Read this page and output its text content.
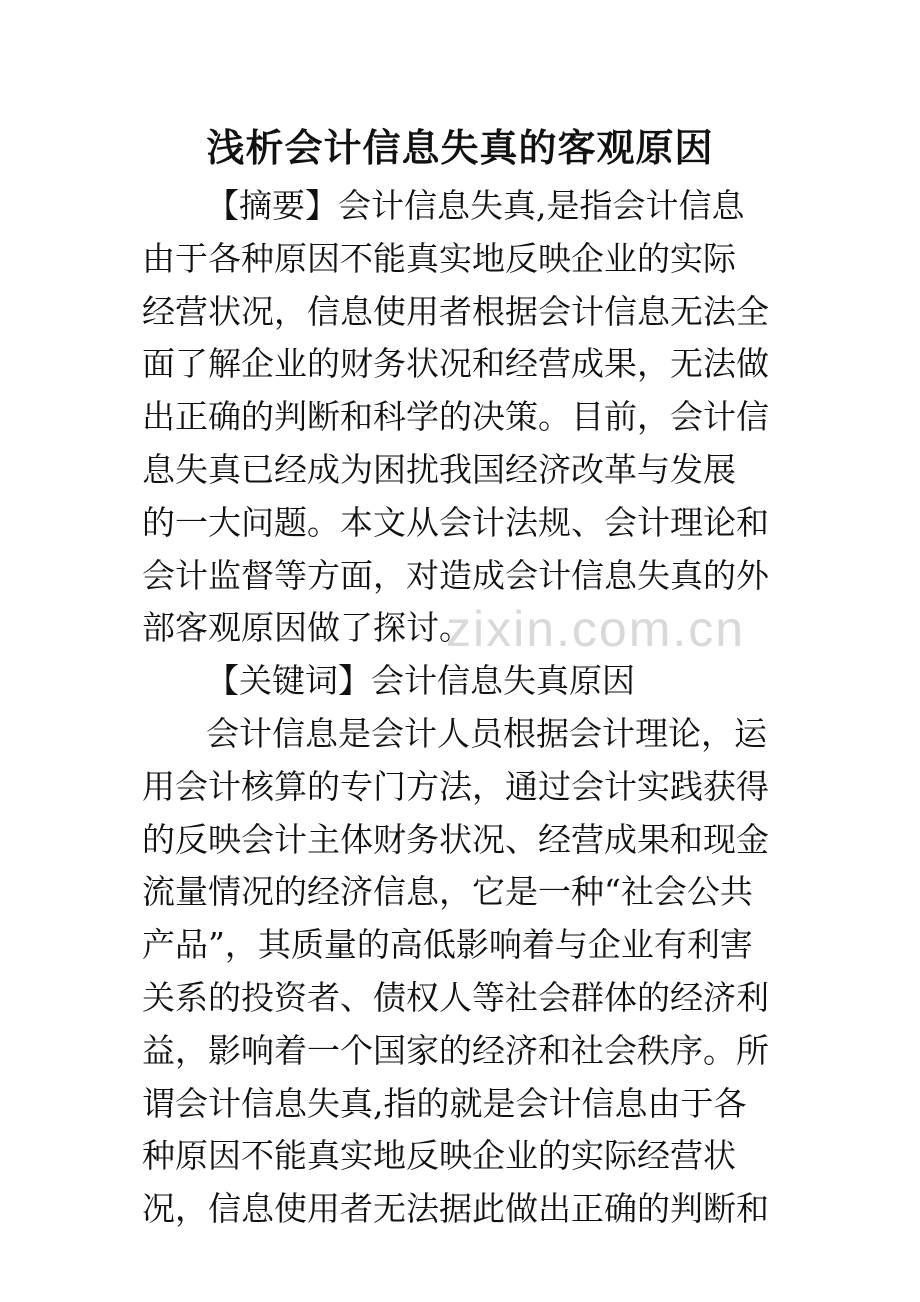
浅析会计信息失真的客观原因
zixin.com.cn
【摘要】会计信息失真,是指会计信息
由于各种原因不能真实地反映企业的实际
经营状况，信息使用者根据会计信息无法全
面了解企业的财务状况和经营成果，无法做
出正确的判断和科学的决策。目前，会计信
息失真已经成为困扰我国经济改革与发展
的一大问题。本文从会计法规、会计理论和
会计监督等方面，对造成会计信息失真的外
部客观原因做了探讨。
【关键词】会计信息失真原因
会计信息是会计人员根据会计理论，运
用会计核算的专门方法，通过会计实践获得
的反映会计主体财务状况、经营成果和现金
流量情况的经济信息，它是一种“社会公共
产品”，其质量的高低影响着与企业有利害
关系的投资者、债权人等社会群体的经济利
益，影响着一个国家的经济和社会秩序。所
谓会计信息失真,指的就是会计信息由于各
种原因不能真实地反映企业的实际经营状
况，信息使用者无法据此做出正确的判断和
